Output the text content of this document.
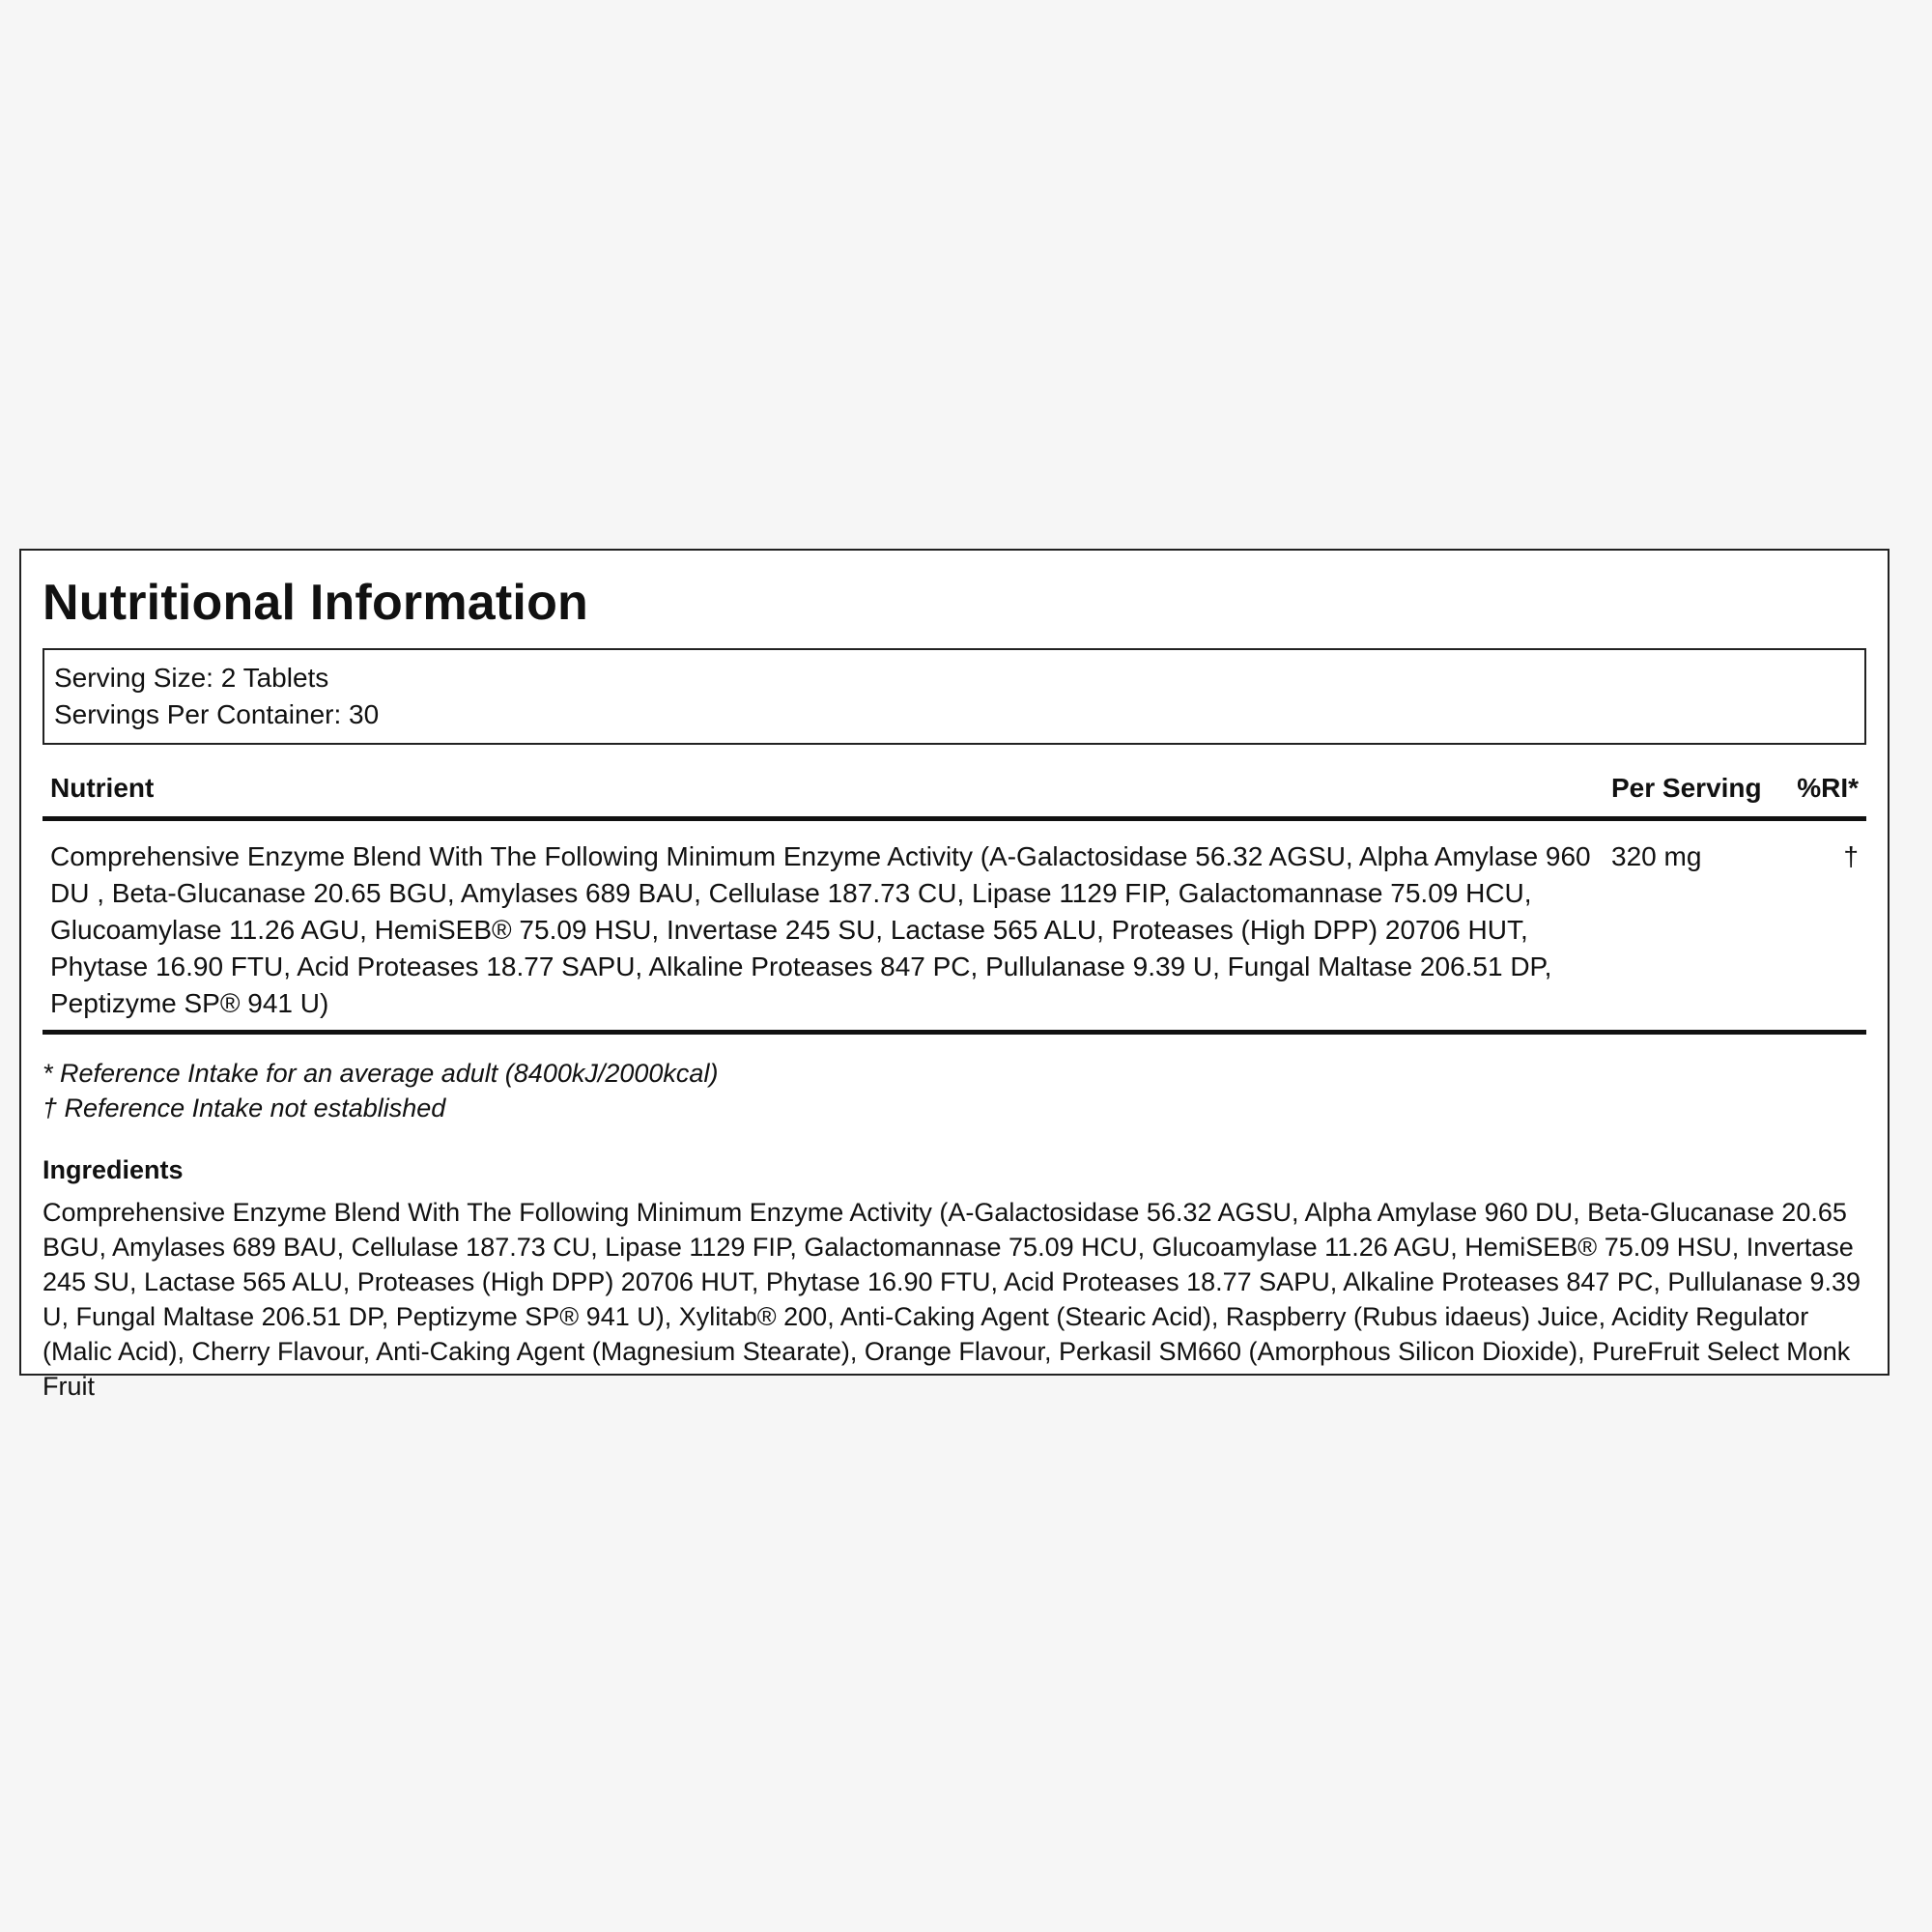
Nutritional Information
Serving Size: 2 Tablets
Servings Per Container: 30
Nutrient	Per Serving	%RI*
Comprehensive Enzyme Blend With The Following Minimum Enzyme Activity (A-Galactosidase 56.32 AGSU, Alpha Amylase 960 DU , Beta-Glucanase 20.65 BGU, Amylases 689 BAU, Cellulase 187.73 CU, Lipase 1129 FIP, Galactomannase 75.09 HCU, Glucoamylase 11.26 AGU, HemiSEB® 75.09 HSU, Invertase 245 SU, Lactase 565 ALU, Proteases (High DPP) 20706 HUT, Phytase 16.90 FTU, Acid Proteases 18.77 SAPU, Alkaline Proteases 847 PC, Pullulanase 9.39 U, Fungal Maltase 206.51 DP, Peptizyme SP® 941 U)	320 mg	†
* Reference Intake for an average adult (8400kJ/2000kcal)
† Reference Intake not established
Ingredients
Comprehensive Enzyme Blend With The Following Minimum Enzyme Activity (A-Galactosidase 56.32 AGSU, Alpha Amylase 960 DU, Beta-Glucanase 20.65 BGU, Amylases 689 BAU, Cellulase 187.73 CU, Lipase 1129 FIP, Galactomannase 75.09 HCU, Glucoamylase 11.26 AGU, HemiSEB® 75.09 HSU, Invertase 245 SU, Lactase 565 ALU, Proteases (High DPP) 20706 HUT, Phytase 16.90 FTU, Acid Proteases 18.77 SAPU, Alkaline Proteases 847 PC, Pullulanase 9.39 U, Fungal Maltase 206.51 DP, Peptizyme SP® 941 U), Xylitab® 200, Anti-Caking Agent (Stearic Acid), Raspberry (Rubus idaeus) Juice, Acidity Regulator (Malic Acid), Cherry Flavour, Anti-Caking Agent (Magnesium Stearate), Orange Flavour, Perkasil SM660 (Amorphous Silicon Dioxide), PureFruit Select Monk Fruit
